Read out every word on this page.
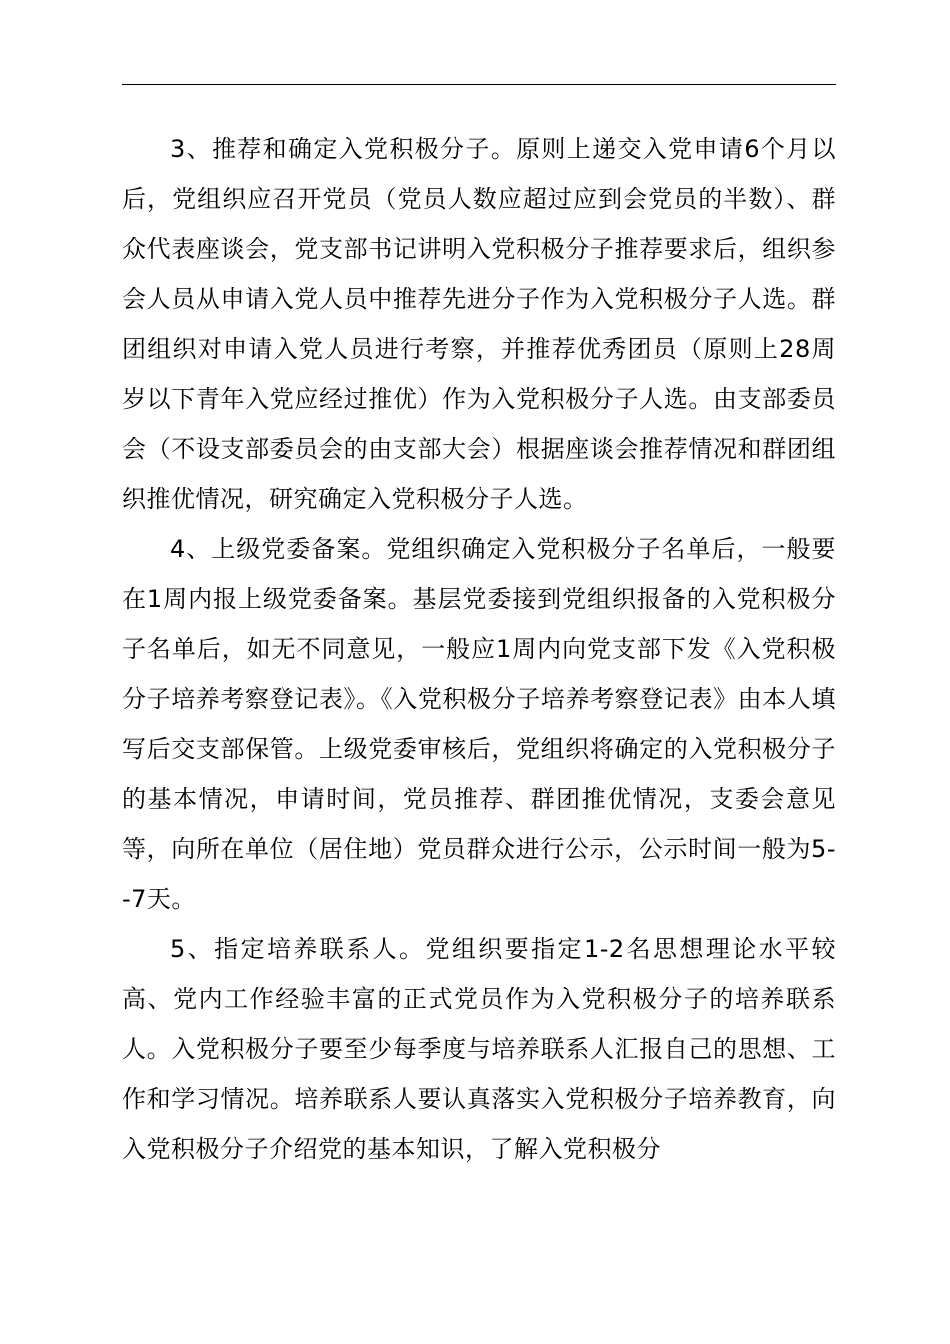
3、推荐和确定入党积极分子。原则上递交入党申请6个月以后，党组织应召开党员（党员人数应超过应到会党员的半数）、群众代表座谈会，党支部书记讲明入党积极分子推荐要求后，组织参会人员从申请入党人员中推荐先进分子作为入党积极分子人选。群团组织对申请入党人员进行考察，并推荐优秀团员（原则上28周岁以下青年入党应经过推优）作为入党积极分子人选。由支部委员会（不设支部委员会的由支部大会）根据座谈会推荐情况和群团组织推优情况，研究确定入党积极分子人选。

4、上级党委备案。党组织确定入党积极分子名单后，一般要在1周内报上级党委备案。基层党委接到党组织报备的入党积极分子名单后，如无不同意见，一般应1周内向党支部下发《入党积极分子培养考察登记表》。《入党积极分子培养考察登记表》由本人填写后交支部保管。上级党委审核后，党组织将确定的入党积极分子的基本情况，申请时间，党员推荐、群团推优情况，支委会意见等，向所在单位（居住地）党员群众进行公示，公示时间一般为5--7天。

5、指定培养联系人。党组织要指定1-2名思想理论水平较高、党内工作经验丰富的正式党员作为入党积极分子的培养联系人。入党积极分子要至少每季度与培养联系人汇报自己的思想、工作和学习情况。培养联系人要认真落实入党积极分子培养教育，向入党积极分子介绍党的基本知识，了解入党积极分
